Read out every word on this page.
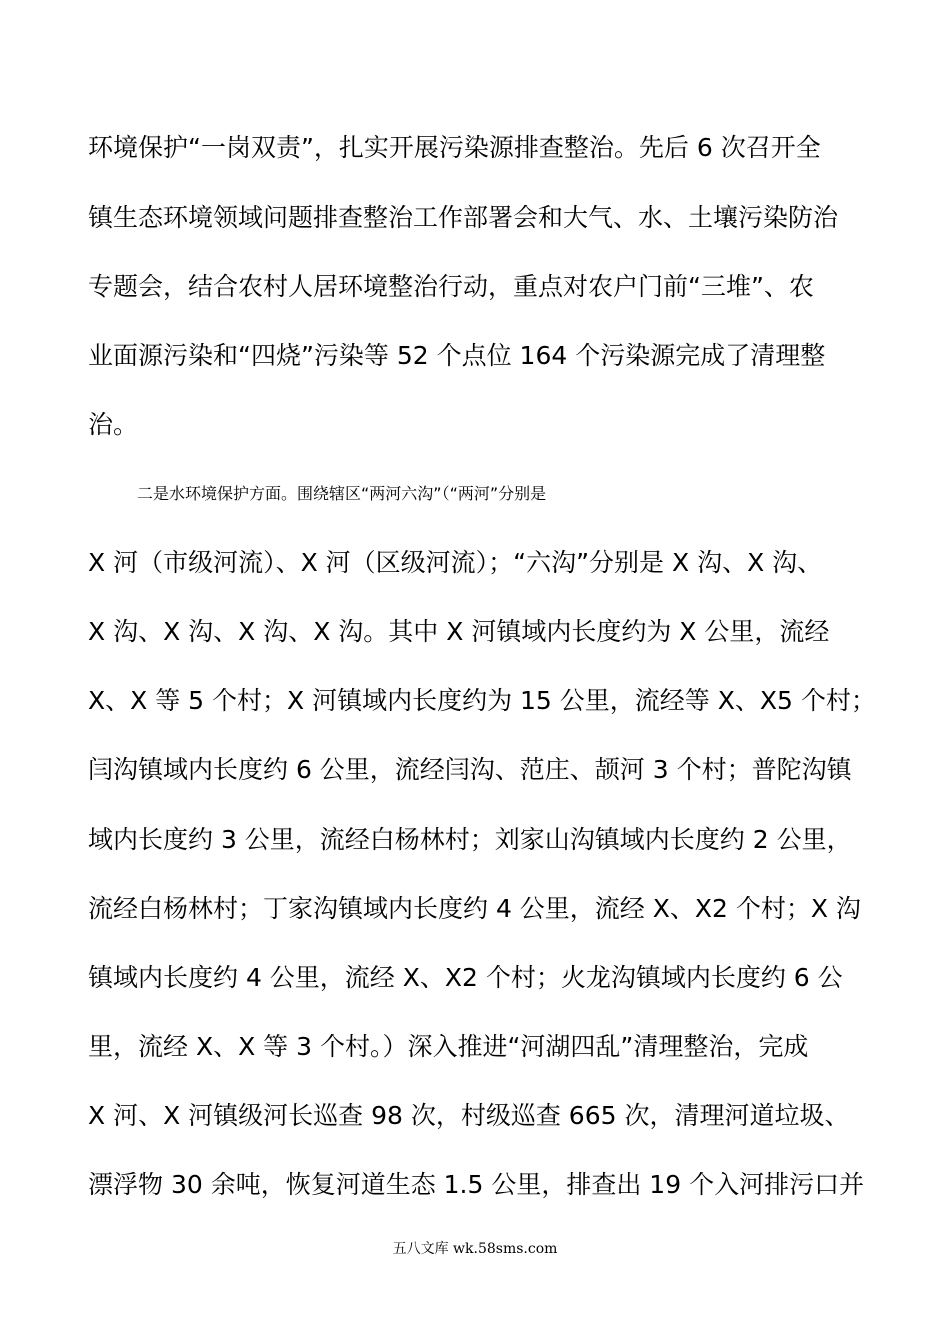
环境保护“一岗双责”，扎实开展污染源排查整治。先后 6 次召开全
镇生态环境领域问题排查整治工作部署会和大气、水、土壤污染防治
专题会，结合农村人居环境整治行动，重点对农户门前“三堆”、农
业面源污染和“四烧”污染等 52 个点位 164 个污染源完成了清理整
治。
二是水环境保护方面。围绕辖区“两河六沟”（“两河”分别是
X 河（市级河流）、X 河（区级河流）；“六沟”分别是 X 沟、X 沟、
X 沟、X 沟、X 沟、X 沟。其中 X 河镇域内长度约为 X 公里，流经
X、X 等 5 个村；X 河镇域内长度约为 15 公里，流经等 X、X5 个村；
闫沟镇域内长度约 6 公里，流经闫沟、范庄、颉河 3 个村；普陀沟镇
域内长度约 3 公里，流经白杨林村；刘家山沟镇域内长度约 2 公里，
流经白杨林村；丁家沟镇域内长度约 4 公里，流经 X、X2 个村；X 沟
镇域内长度约 4 公里，流经 X、X2 个村；火龙沟镇域内长度约 6 公
里，流经 X、X 等 3 个村。）深入推进“河湖四乱”清理整治，完成
X 河、X 河镇级河长巡查 98 次，村级巡查 665 次，清理河道垃圾、
漂浮物 30 余吨，恢复河道生态 1.5 公里，排查出 19 个入河排污口并
五八文库 wk.58sms.com
